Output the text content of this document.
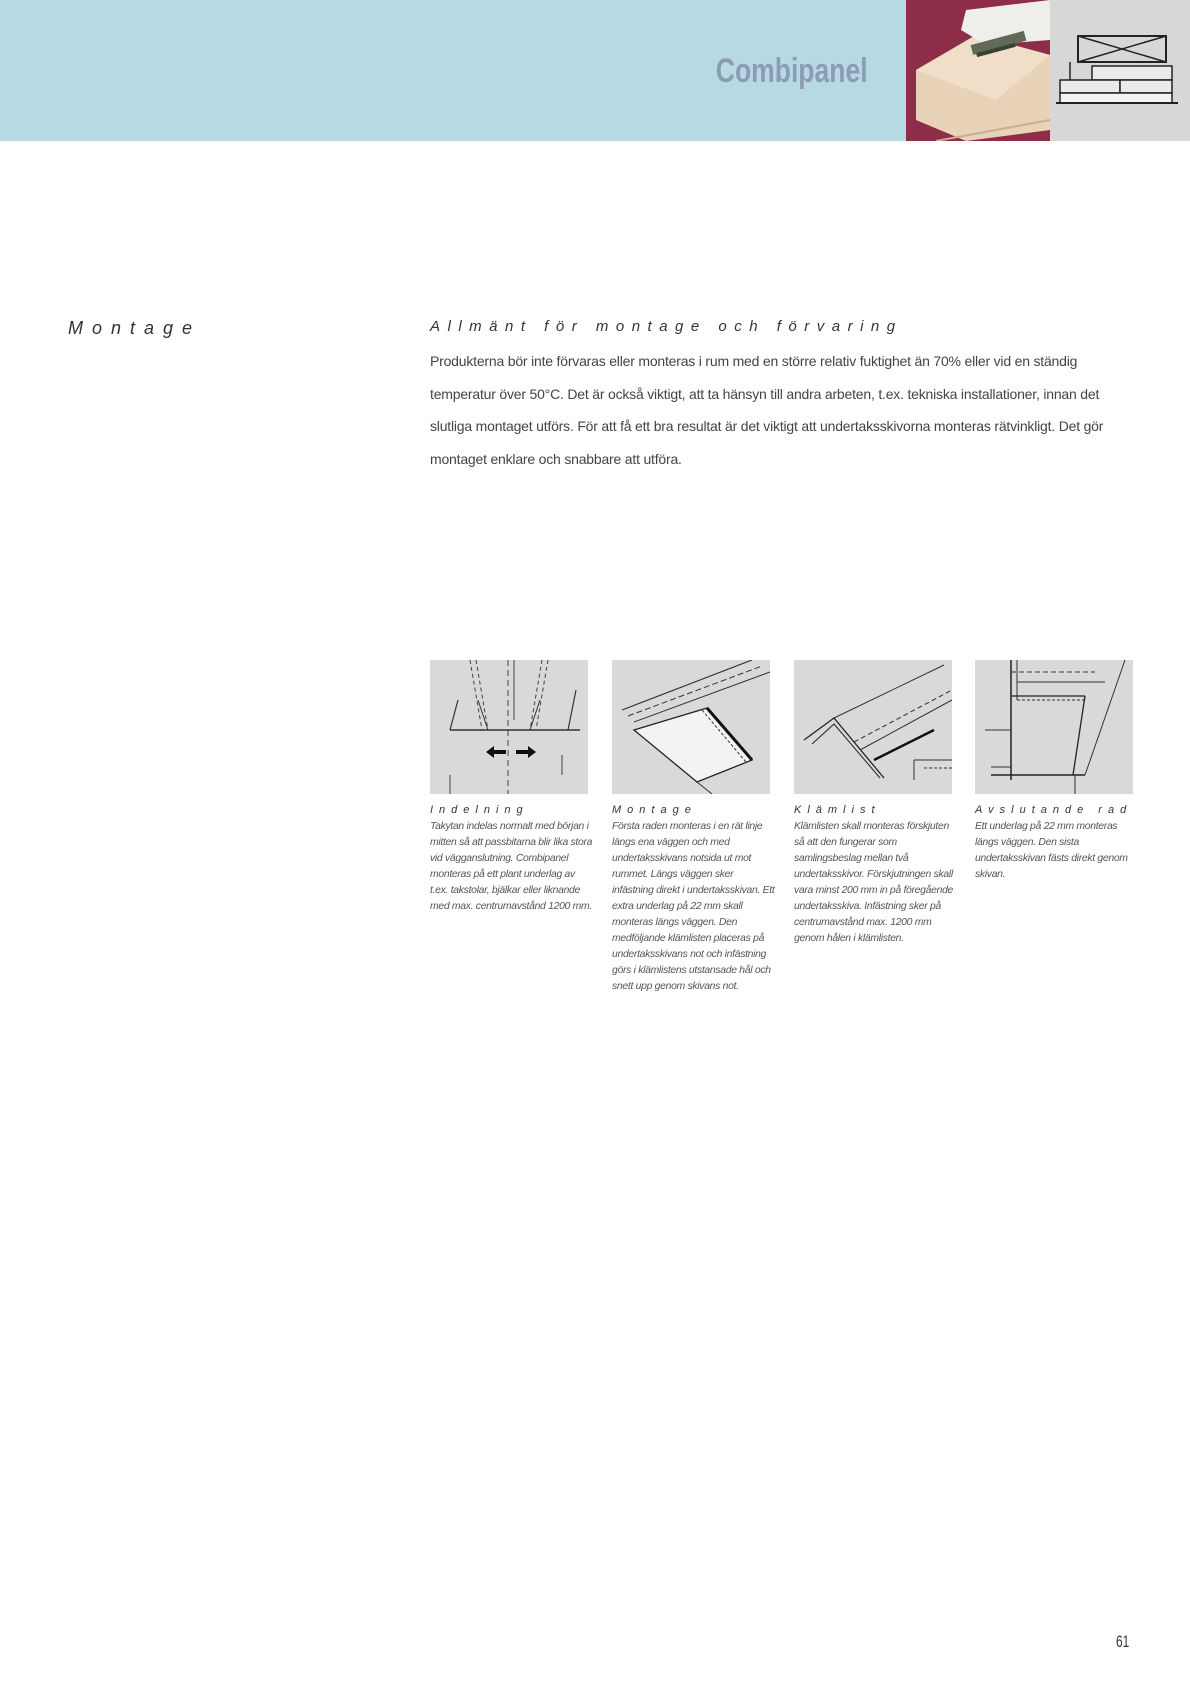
Combipanel
Montage	Allmänt för montage och förvaring
Produkterna bör inte förvaras eller monteras i rum med en större relativ fuktighet än 70% eller vid en ständig temperatur över 50°C. Det är också viktigt, att ta hänsyn till andra arbeten, t.ex. tekniska installationer, innan det slutliga montaget utförs. För att få ett bra resultat är det viktigt att undertaksskivorna monteras rätvinkligt. Det gör montaget enklare och snabbare att utföra.
Indelning
Takytan indelas normalt med början i mitten så att passbitarna blir lika stora vid vägganslutning. Combipanel monteras på ett plant underlag av t.ex. takstolar, bjälkar eller liknande med max. centrumavstånd 1200 mm.
Montage
Första raden monteras i en rät linje längs ena väggen och med undertaksskivans notsida ut mot rummet. Längs väggen sker infästning direkt i undertaksskivan. Ett extra underlag på 22 mm skall monteras längs väggen. Den medföljande klämlisten placeras på undertaksskivans not och infästning görs i klämlistens utstansade hål och snett upp genom skivans not.
Klämlist
Klämlisten skall monteras förskjuten så att den fungerar som samlingsbeslag mellan två undertaksskivor. Förskjutningen skall vara minst 200 mm in på föregående undertaksskiva. Infästning sker på centrumavstånd max. 1200 mm genom hålen i klämlisten.
Avslutande rad
Ett underlag på 22 mm monteras längs väggen. Den sista undertaksskivan fästs direkt genom skivan.
61
